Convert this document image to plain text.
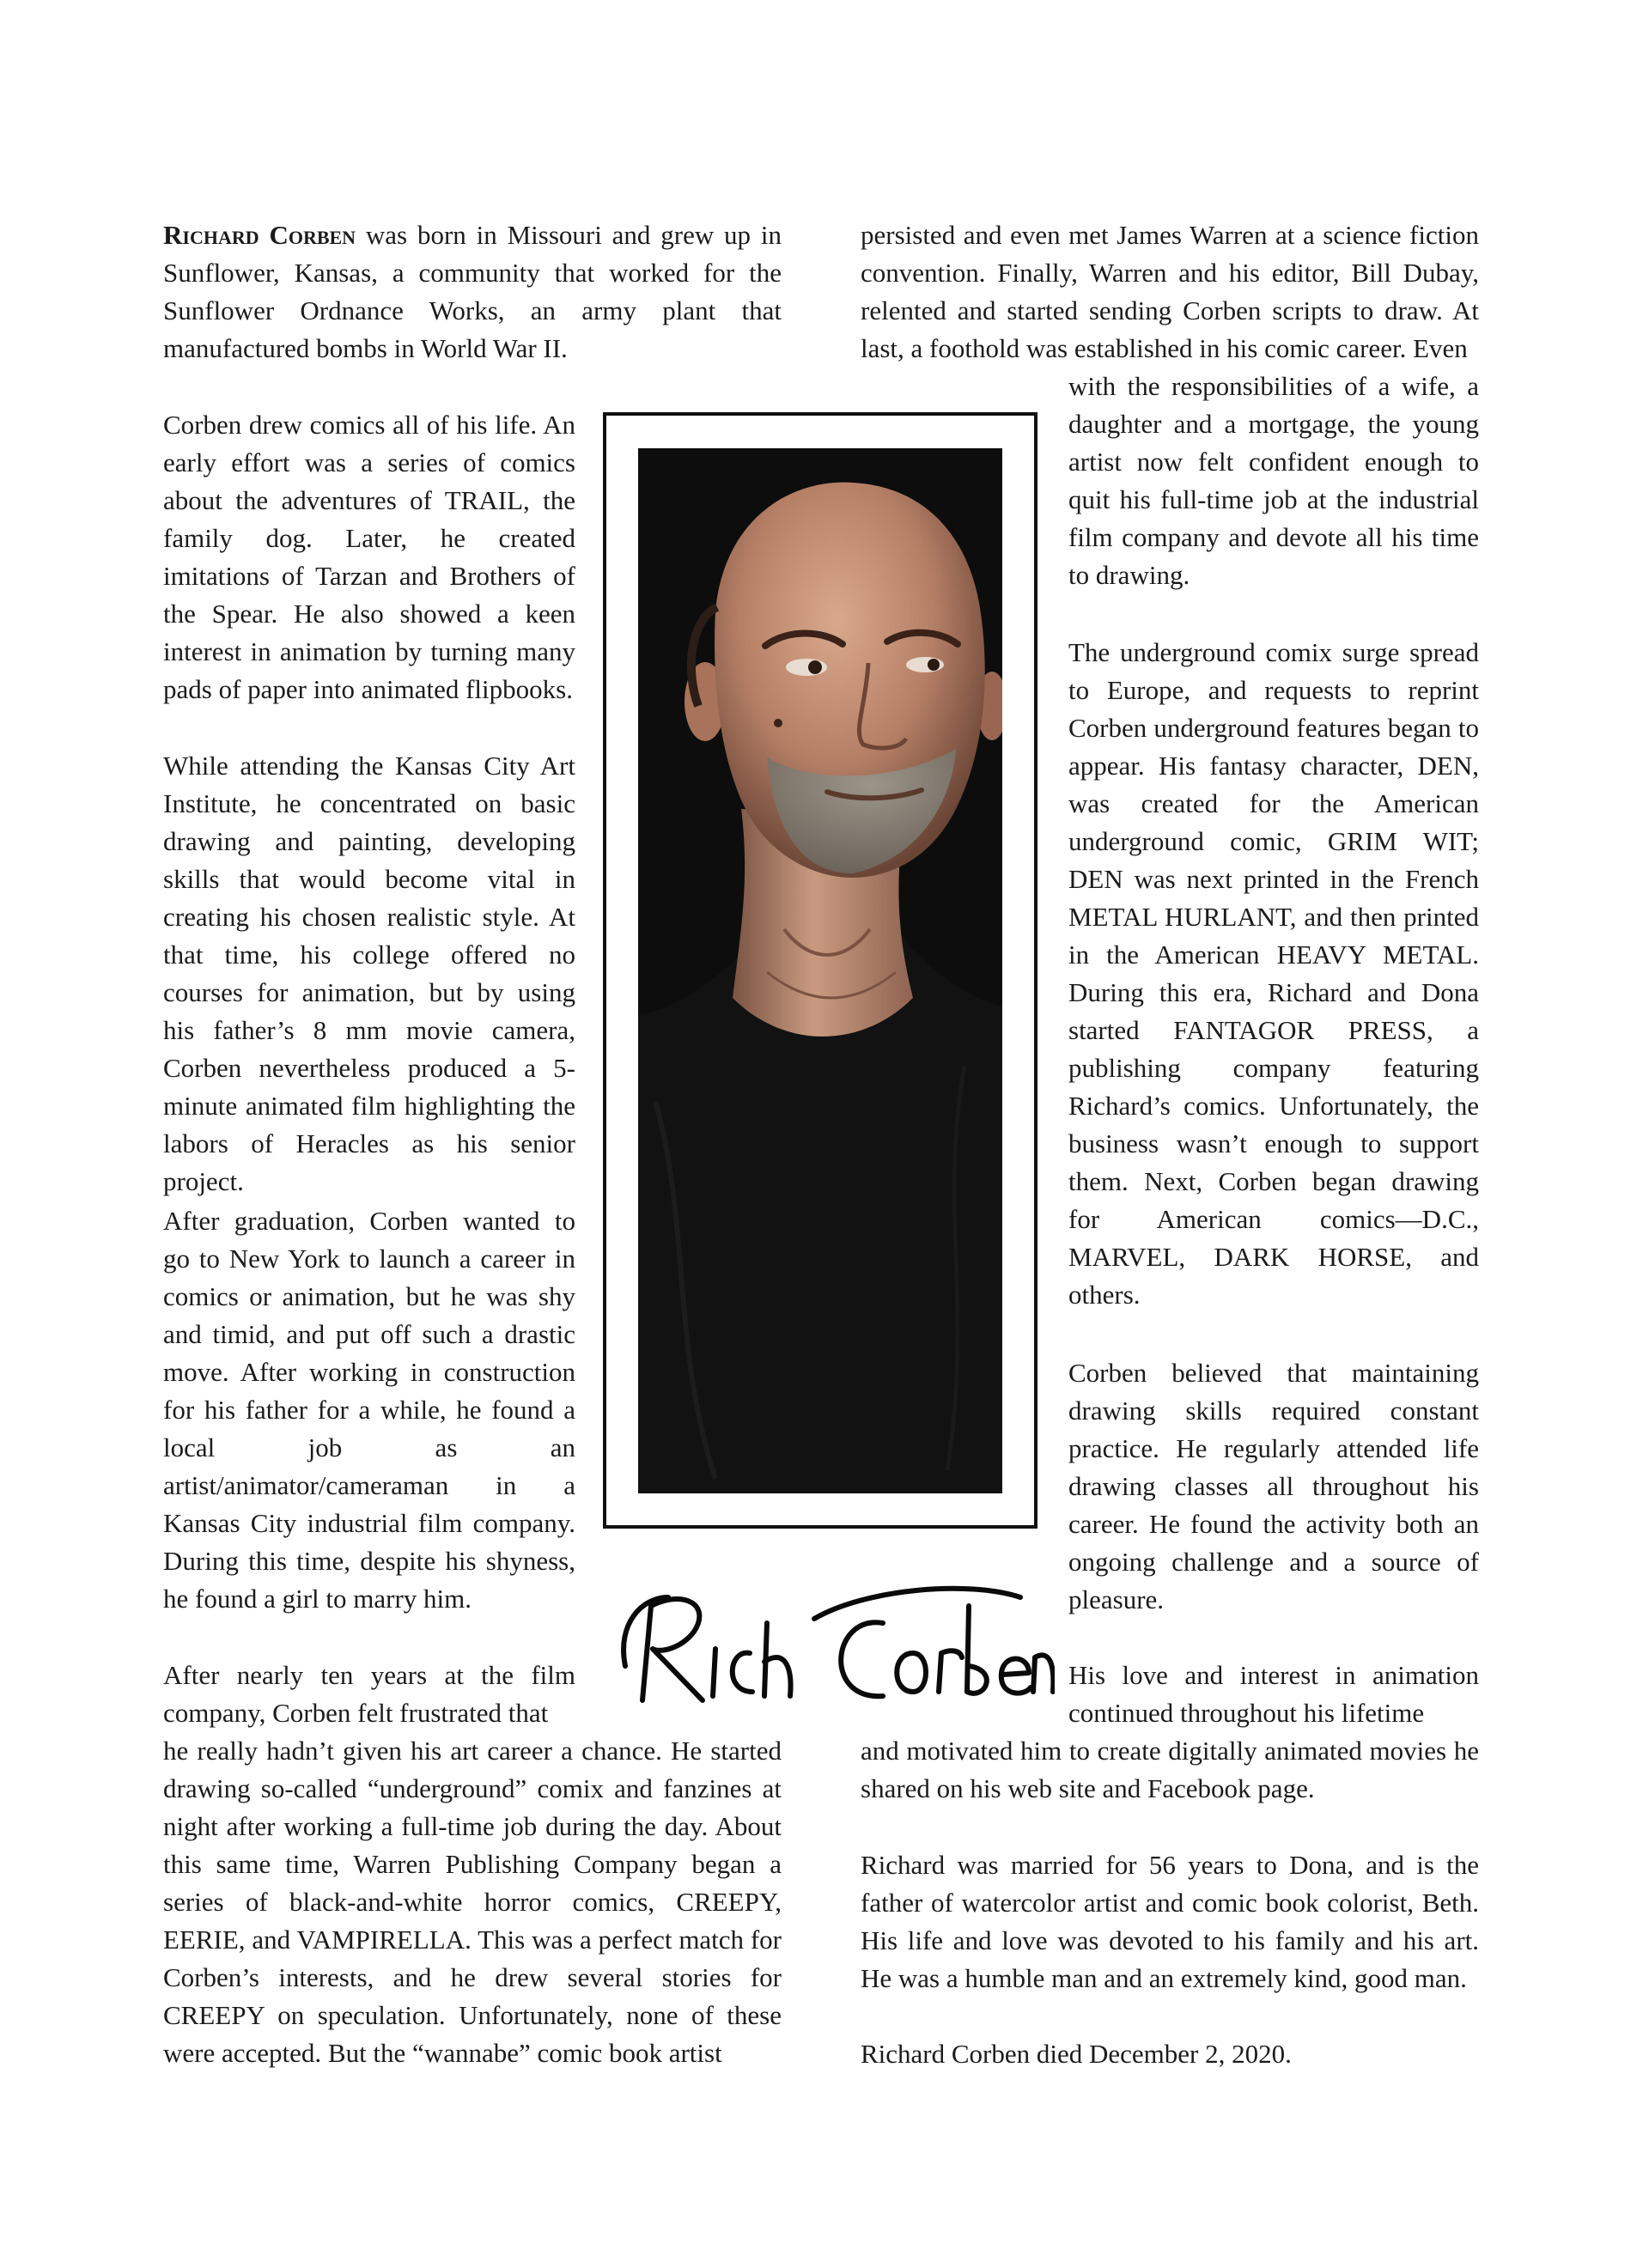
Richard Corben was born in Missouri and grew up in Sunflower, Kansas, a community that worked for the Sunflower Ordnance Works, an army plant that manufactured bombs in World War II.

Corben drew comics all of his life. An early effort was a series of comics about the adventures of TRAIL, the family dog. Later, he created imitations of Tarzan and Brothers of the Spear. He also showed a keen interest in animation by turning many pads of paper into animated flipbooks.

While attending the Kansas City Art Institute, he concentrated on basic drawing and painting, developing skills that would become vital in creating his chosen realistic style. At that time, his college offered no courses for animation, but by using his father’s 8 mm movie camera, Corben nevertheless produced a 5-minute animated film highlighting the labors of Heracles as his senior project.

After graduation, Corben wanted to go to New York to launch a career in comics or animation, but he was shy and timid, and put off such a drastic move. After working in construction for his father for a while, he found a local job as an artist/animator/cameraman in a Kansas City industrial film company. During this time, despite his shyness, he found a girl to marry him.

After nearly ten years at the film company, Corben felt frustrated that

he really hadn’t given his art career a chance. He started drawing so-called “underground” comix and fanzines at night after working a full-time job during the day. About this same time, Warren Publishing Company began a series of black-and-white horror comics, CREEPY, EERIE, and VAMPIRELLA. This was a perfect match for Corben’s interests, and he drew several stories for CREEPY on speculation. Unfortunately, none of these were accepted. But the “wannabe” comic book artist

persisted and even met James Warren at a science fiction convention. Finally, Warren and his editor, Bill Dubay, relented and started sending Corben scripts to draw. At last, a foothold was established in his comic career. Even

with the responsibilities of a wife, a daughter and a mortgage, the young artist now felt confident enough to quit his full-time job at the industrial film company and devote all his time to drawing.

The underground comix surge spread to Europe, and requests to reprint Corben underground features began to appear. His fantasy character, DEN, was created for the American underground comic, GRIM WIT; DEN was next printed in the French METAL HURLANT, and then printed in the American HEAVY METAL. During this era, Richard and Dona started FANTAGOR PRESS, a publishing company featuring Richard’s comics. Unfortunately, the business wasn’t enough to support them. Next, Corben began drawing for American comics—D.C., MARVEL, DARK HORSE, and others.

Corben believed that maintaining drawing skills required constant practice. He regularly attended life drawing classes all throughout his career. He found the activity both an ongoing challenge and a source of pleasure.

His love and interest in animation continued throughout his lifetime

and motivated him to create digitally animated movies he shared on his web site and Facebook page.

Richard was married for 56 years to Dona, and is the father of watercolor artist and comic book colorist, Beth. His life and love was devoted to his family and his art. He was a humble man and an extremely kind, good man.

Richard Corben died December 2, 2020.
